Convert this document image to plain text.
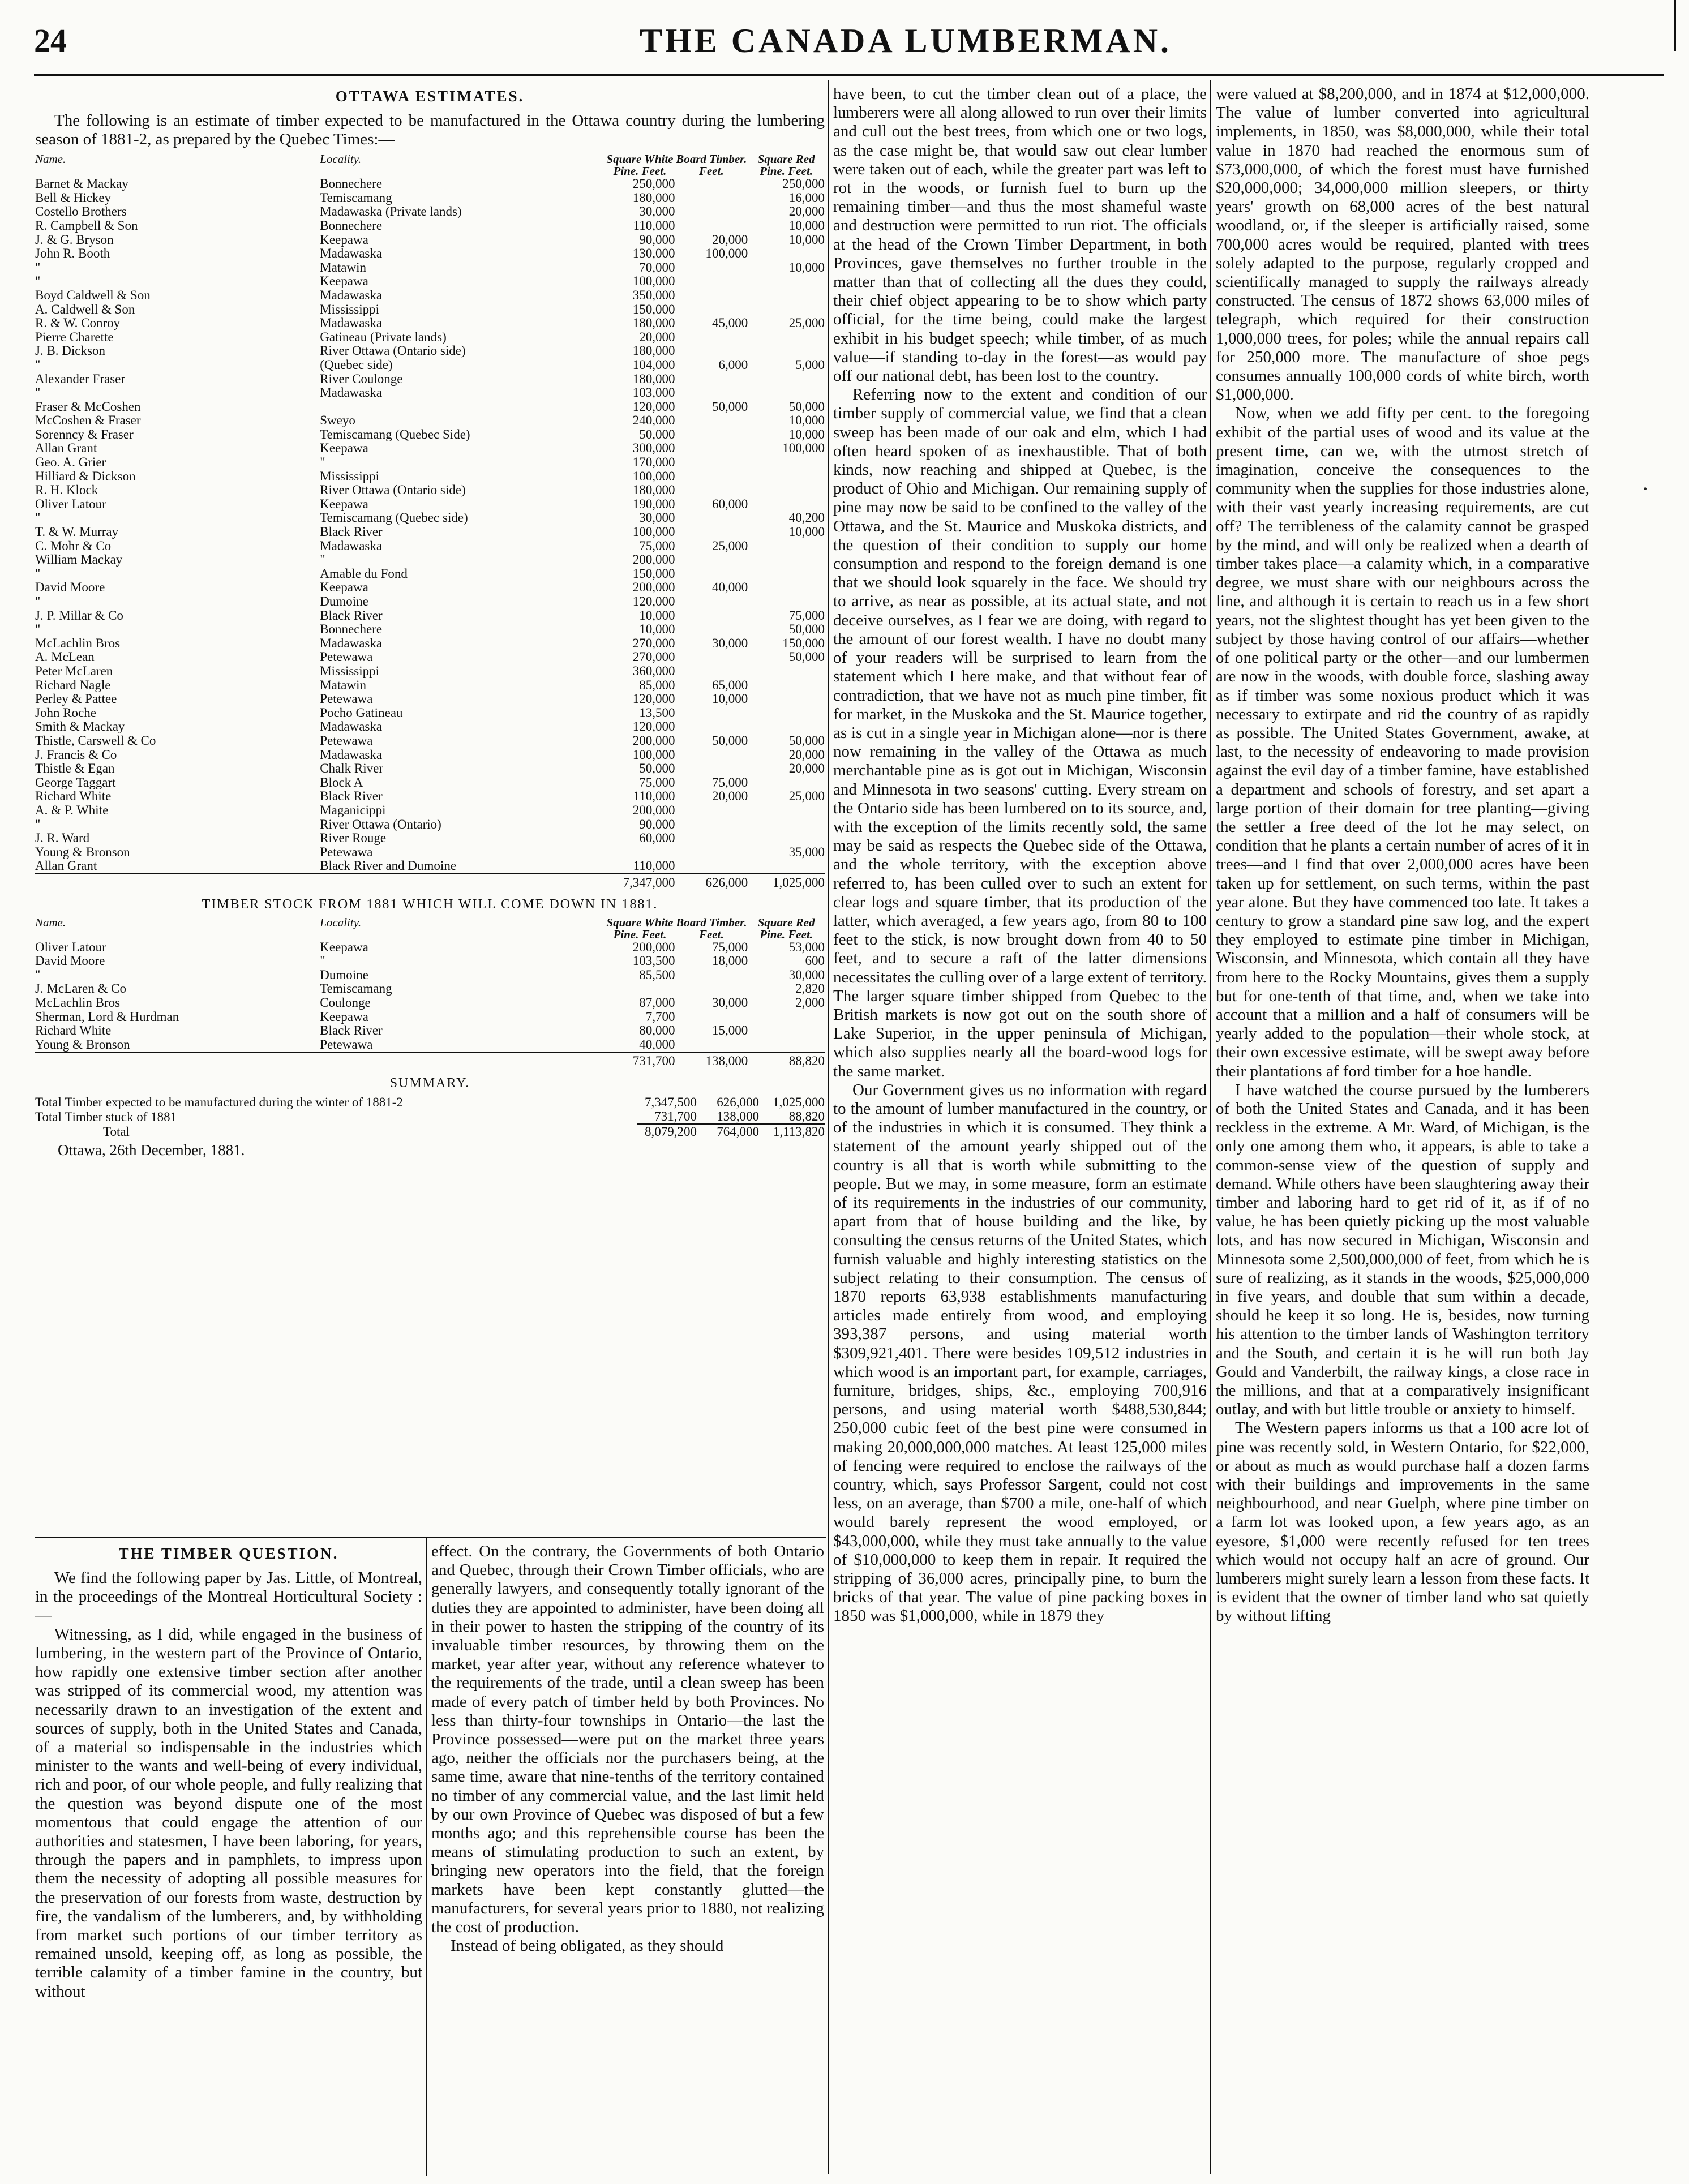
24	THE CANADA LUMBERMAN.
OTTAWA ESTIMATES.
The following is an estimate of timber expected to be manufactured in the Ottawa country during the lumbering season of 1881-2, as prepared by the Quebec Times:—
Name.	Locality.	Square White Pine. Feet.	Board Timber. Feet.	Square Red Pine. Feet.
Barnet & Mackay	Bonnechere	250,000		250,000
Bell & Hickey	Temiscamang	180,000		16,000
Costello Brothers	Madawaska (Private lands)	30,000		20,000
R. Campbell & Son	Bonnechere	110,000		10,000
J. & G. Bryson	Keepawa	90,000	20,000	10,000
John R. Booth	Madawaska	130,000	100,000	
"	Matawin	70,000		10,000
"	Keepawa	100,000		
Boyd Caldwell & Son	Madawaska	350,000		
A. Caldwell & Son	Mississippi	150,000		
R. & W. Conroy	Madawaska	180,000	45,000	25,000
Pierre Charette	Gatineau (Private lands)	20,000		
J. B. Dickson	River Ottawa (Ontario side)	180,000		
"	(Quebec side)	104,000	6,000	5,000
Alexander Fraser	River Coulonge	180,000		
"	Madawaska	103,000		
Fraser & McCoshen		120,000	50,000	50,000
McCoshen & Fraser	Sweyo	240,000		10,000
Sorenncy & Fraser	Temiscamang (Quebec Side)	50,000		10,000
Allan Grant	Keepawa	300,000		100,000
Geo. A. Grier	"	170,000		
Hilliard & Dickson	Mississippi	100,000		
R. H. Klock	River Ottawa (Ontario side)	180,000		
Oliver Latour	Keepawa	190,000	60,000	
"	Temiscamang (Quebec side)	30,000		40,200
T. & W. Murray	Black River	100,000		10,000
C. Mohr & Co	Madawaska	75,000	25,000	
William Mackay	"	200,000		
"	Amable du Fond	150,000		
David Moore	Keepawa	200,000	40,000	
"	Dumoine	120,000		
J. P. Millar & Co	Black River	10,000		75,000
"	Bonnechere	10,000		50,000
McLachlin Bros	Madawaska	270,000	30,000	150,000
A. McLean	Petewawa	270,000		50,000
Peter McLaren	Mississippi	360,000		
Richard Nagle	Matawin	85,000	65,000	
Perley & Pattee	Petewawa	120,000	10,000	
John Roche	Pocho Gatineau	13,500		
Smith & Mackay	Madawaska	120,000		
Thistle, Carswell & Co	Petewawa	200,000	50,000	50,000
J. Francis & Co	Madawaska	100,000		20,000
Thistle & Egan	Chalk River	50,000		20,000
George Taggart	Block A	75,000	75,000	
Richard White	Black River	110,000	20,000	25,000
A. & P. White	Maganicippi	200,000		
"	River Ottawa (Ontario)	90,000		
J. R. Ward	River Rouge	60,000		
Young & Bronson	Petewawa			35,000
Allan Grant	Black River and Dumoine	110,000		
		7,347,000	626,000	1,025,000
TIMBER STOCK FROM 1881 WHICH WILL COME DOWN IN 1881.
Name.	Locality.	Square White Pine. Feet.	Board Timber. Feet.	Square Red Pine. Feet.
Oliver Latour	Keepawa	200,000	75,000	53,000
David Moore	"	103,500	18,000	600
"	Dumoine	85,500		30,000
J. McLaren & Co	Temiscamang			2,820
McLachlin Bros	Coulonge	87,000	30,000	2,000
Sherman, Lord & Hurdman	Keepawa	7,700		
Richard White	Black River	80,000	15,000	
Young & Bronson	Petewawa	40,000		
		731,700	138,000	88,820
SUMMARY.
Total Timber expected to be manufactured during the winter of 1881-2	7,347,500	626,000	1,025,000
Total Timber stuck of 1881	731,700	138,000	88,820
Total	8,079,200	764,000	1,113,820
Ottawa, 26th December, 1881.
THE TIMBER QUESTION.

We find the following paper by Jas. Little, of Montreal, in the proceedings of the Montreal Horticultural Society :—

Witnessing, as I did, while engaged in the business of lumbering, in the western part of the Province of Ontario, how rapidly one extensive timber section after another was stripped of its commercial wood, my attention was necessarily drawn to an investigation of the extent and sources of supply, both in the United States and Canada, of a material so indispensable in the industries which minister to the wants and well-being of every individual, rich and poor, of our whole people, and fully realizing that the question was beyond dispute one of the most momentous that could engage the attention of our authorities and statesmen, I have been laboring, for years, through the papers and in pamphlets, to impress upon them the necessity of adopting all possible measures for the preservation of our forests from waste, destruction by fire, the vandalism of the lumberers, and, by withholding from market such portions of our timber territory as remained unsold, keeping off, as long as possible, the terrible calamity of a timber famine in the country, but without

effect. On the contrary, the Governments of both Ontario and Quebec, through their Crown Timber officials, who are generally lawyers, and consequently totally ignorant of the duties they are appointed to administer, have been doing all in their power to hasten the stripping of the country of its invaluable timber resources, by throwing them on the market, year after year, without any reference whatever to the requirements of the trade, until a clean sweep has been made of every patch of timber held by both Provinces. No less than thirty-four townships in Ontario—the last the Province possessed—were put on the market three years ago, neither the officials nor the purchasers being, at the same time, aware that nine-tenths of the territory contained no timber of any commercial value, and the last limit held by our own Province of Quebec was disposed of but a few months ago; and this reprehensible course has been the means of stimulating production to such an extent, by bringing new operators into the field, that the foreign markets have been kept constantly glutted—the manufacturers, for several years prior to 1880, not realizing the cost of production.

Instead of being obligated, as they should

have been, to cut the timber clean out of a place, the lumberers were all along allowed to run over their limits and cull out the best trees, from which one or two logs, as the case might be, that would saw out clear lumber were taken out of each, while the greater part was left to rot in the woods, or furnish fuel to burn up the remaining timber—and thus the most shameful waste and destruction were permitted to run riot. The officials at the head of the Crown Timber Department, in both Provinces, gave themselves no further trouble in the matter than that of collecting all the dues they could, their chief object appearing to be to show which party official, for the time being, could make the largest exhibit in his budget speech; while timber, of as much value—if standing to-day in the forest—as would pay off our national debt, has been lost to the country.

Referring now to the extent and condition of our timber supply of commercial value, we find that a clean sweep has been made of our oak and elm, which I had often heard spoken of as inexhaustible. That of both kinds, now reaching and shipped at Quebec, is the product of Ohio and Michigan. Our remaining supply of pine may now be said to be confined to the valley of the Ottawa, and the St. Maurice and Muskoka districts, and the question of their condition to supply our home consumption and respond to the foreign demand is one that we should look squarely in the face. We should try to arrive, as near as possible, at its actual state, and not deceive ourselves, as I fear we are doing, with regard to the amount of our forest wealth. I have no doubt many of your readers will be surprised to learn from the statement which I here make, and that without fear of contradiction, that we have not as much pine timber, fit for market, in the Muskoka and the St. Maurice together, as is cut in a single year in Michigan alone—nor is there now remaining in the valley of the Ottawa as much merchantable pine as is got out in Michigan, Wisconsin and Minnesota in two seasons' cutting. Every stream on the Ontario side has been lumbered on to its source, and, with the exception of the limits recently sold, the same may be said as respects the Quebec side of the Ottawa, and the whole territory, with the exception above referred to, has been culled over to such an extent for clear logs and square timber, that its production of the latter, which averaged, a few years ago, from 80 to 100 feet to the stick, is now brought down from 40 to 50 feet, and to secure a raft of the latter dimensions necessitates the culling over of a large extent of territory. The larger square timber shipped from Quebec to the British markets is now got out on the south shore of Lake Superior, in the upper peninsula of Michigan, which also supplies nearly all the board-wood logs for the same market.

Our Government gives us no information with regard to the amount of lumber manufactured in the country, or of the industries in which it is consumed. They think a statement of the amount yearly shipped out of the country is all that is worth while submitting to the people. But we may, in some measure, form an estimate of its requirements in the industries of our community, apart from that of house building and the like, by consulting the census returns of the United States, which furnish valuable and highly interesting statistics on the subject relating to their consumption. The census of 1870 reports 63,938 establishments manufacturing articles made entirely from wood, and employing 393,387 persons, and using material worth $309,921,401. There were besides 109,512 industries in which wood is an important part, for example, carriages, furniture, bridges, ships, &c., employing 700,916 persons, and using material worth $488,530,844; 250,000 cubic feet of the best pine were consumed in making 20,000,000,000 matches. At least 125,000 miles of fencing were required to enclose the railways of the country, which, says Professor Sargent, could not cost less, on an average, than $700 a mile, one-half of which would barely represent the wood employed, or $43,000,000, while they must take annually to the value of $10,000,000 to keep them in repair. It required the stripping of 36,000 acres, principally pine, to burn the bricks of that year. The value of pine packing boxes in 1850 was $1,000,000, while in 1879 they

were valued at $8,200,000, and in 1874 at $12,000,000. The value of lumber converted into agricultural implements, in 1850, was $8,000,000, while their total value in 1870 had reached the enormous sum of $73,000,000, of which the forest must have furnished $20,000,000; 34,000,000 million sleepers, or thirty years' growth on 68,000 acres of the best natural woodland, or, if the sleeper is artificially raised, some 700,000 acres would be required, planted with trees solely adapted to the purpose, regularly cropped and scientifically managed to supply the railways already constructed. The census of 1872 shows 63,000 miles of telegraph, which required for their construction 1,000,000 trees, for poles; while the annual repairs call for 250,000 more. The manufacture of shoe pegs consumes annually 100,000 cords of white birch, worth $1,000,000.

Now, when we add fifty per cent. to the foregoing exhibit of the partial uses of wood and its value at the present time, can we, with the utmost stretch of imagination, conceive the consequences to the community when the supplies for those industries alone, with their vast yearly increasing requirements, are cut off? The terribleness of the calamity cannot be grasped by the mind, and will only be realized when a dearth of timber takes place—a calamity which, in a comparative degree, we must share with our neighbours across the line, and although it is certain to reach us in a few short years, not the slightest thought has yet been given to the subject by those having control of our affairs—whether of one political party or the other—and our lumbermen are now in the woods, with double force, slashing away as if timber was some noxious product which it was necessary to extirpate and rid the country of as rapidly as possible. The United States Government, awake, at last, to the necessity of endeavoring to made provision against the evil day of a timber famine, have established a department and schools of forestry, and set apart a large portion of their domain for tree planting—giving the settler a free deed of the lot he may select, on condition that he plants a certain number of acres of it in trees—and I find that over 2,000,000 acres have been taken up for settlement, on such terms, within the past year alone. But they have commenced too late. It takes a century to grow a standard pine saw log, and the expert they employed to estimate pine timber in Michigan, Wisconsin, and Minnesota, which contain all they have from here to the Rocky Mountains, gives them a supply but for one-tenth of that time, and, when we take into account that a million and a half of consumers will be yearly added to the population—their whole stock, at their own excessive estimate, will be swept away before their plantations af ford timber for a hoe handle.

I have watched the course pursued by the lumberers of both the United States and Canada, and it has been reckless in the extreme. A Mr. Ward, of Michigan, is the only one among them who, it appears, is able to take a common-sense view of the question of supply and demand. While others have been slaughtering away their timber and laboring hard to get rid of it, as if of no value, he has been quietly picking up the most valuable lots, and has now secured in Michigan, Wisconsin and Minnesota some 2,500,000,000 of feet, from which he is sure of realizing, as it stands in the woods, $25,000,000 in five years, and double that sum within a decade, should he keep it so long. He is, besides, now turning his attention to the timber lands of Washington territory and the South, and certain it is he will run both Jay Gould and Vanderbilt, the railway kings, a close race in the millions, and that at a comparatively insignificant outlay, and with but little trouble or anxiety to himself.

The Western papers informs us that a 100 acre lot of pine was recently sold, in Western Ontario, for $22,000, or about as much as would purchase half a dozen farms with their buildings and improvements in the same neighbourhood, and near Guelph, where pine timber on a farm lot was looked upon, a few years ago, as an eyesore, $1,000 were recently refused for ten trees which would not occupy half an acre of ground. Our lumberers might surely learn a lesson from these facts. It is evident that the owner of timber land who sat quietly by without lifting

·
